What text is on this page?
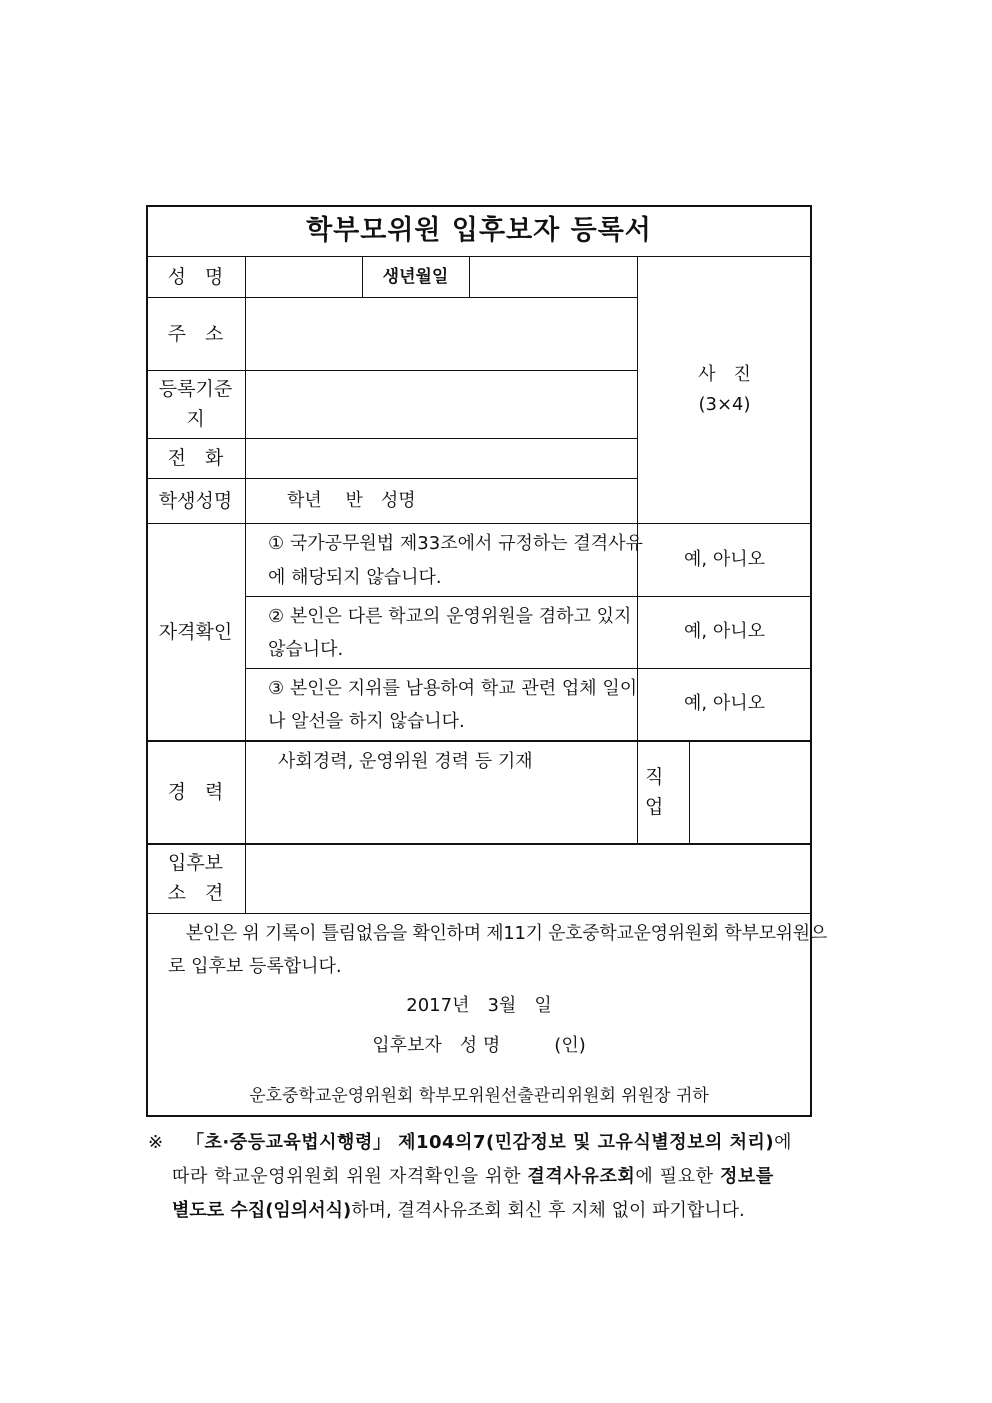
학부모위원 입후보자 등록서
성　명	생년월일
주　소
등록기준
지
전　화
학생성명	학년　 반　성명
사　진
(3×4)
자격확인
① 국가공무원법 제33조에서 규정하는 결격사유
에 해당되지 않습니다.
예, 아니오
② 본인은 다른 학교의 운영위원을 겸하고 있지
않습니다.
예, 아니오
③ 본인은 지위를 남용하여 학교 관련 업체 일이
나 알선을 하지 않습니다.
예, 아니오
경　력
사회경력, 운영위원 경력 등 기재
직
업
입후보
소　견
　본인은 위 기록이 틀림없음을 확인하며 제11기 운호중학교운영위원회 학부모위원으
로 입후보 등록합니다.
2017년　3월　일
입후보자　성 명　　　(인)
운호중학교운영위원회 학부모위원선출관리위원회 위원장 귀하
※ 「초·중등교육법시행령」 제104의7(민감정보 및 고유식별정보의 처리)에
따라 학교운영위원회 위원 자격확인을 위한 결격사유조회에 필요한 정보를
별도로 수집(임의서식)하며, 결격사유조회 회신 후 지체 없이 파기합니다.
